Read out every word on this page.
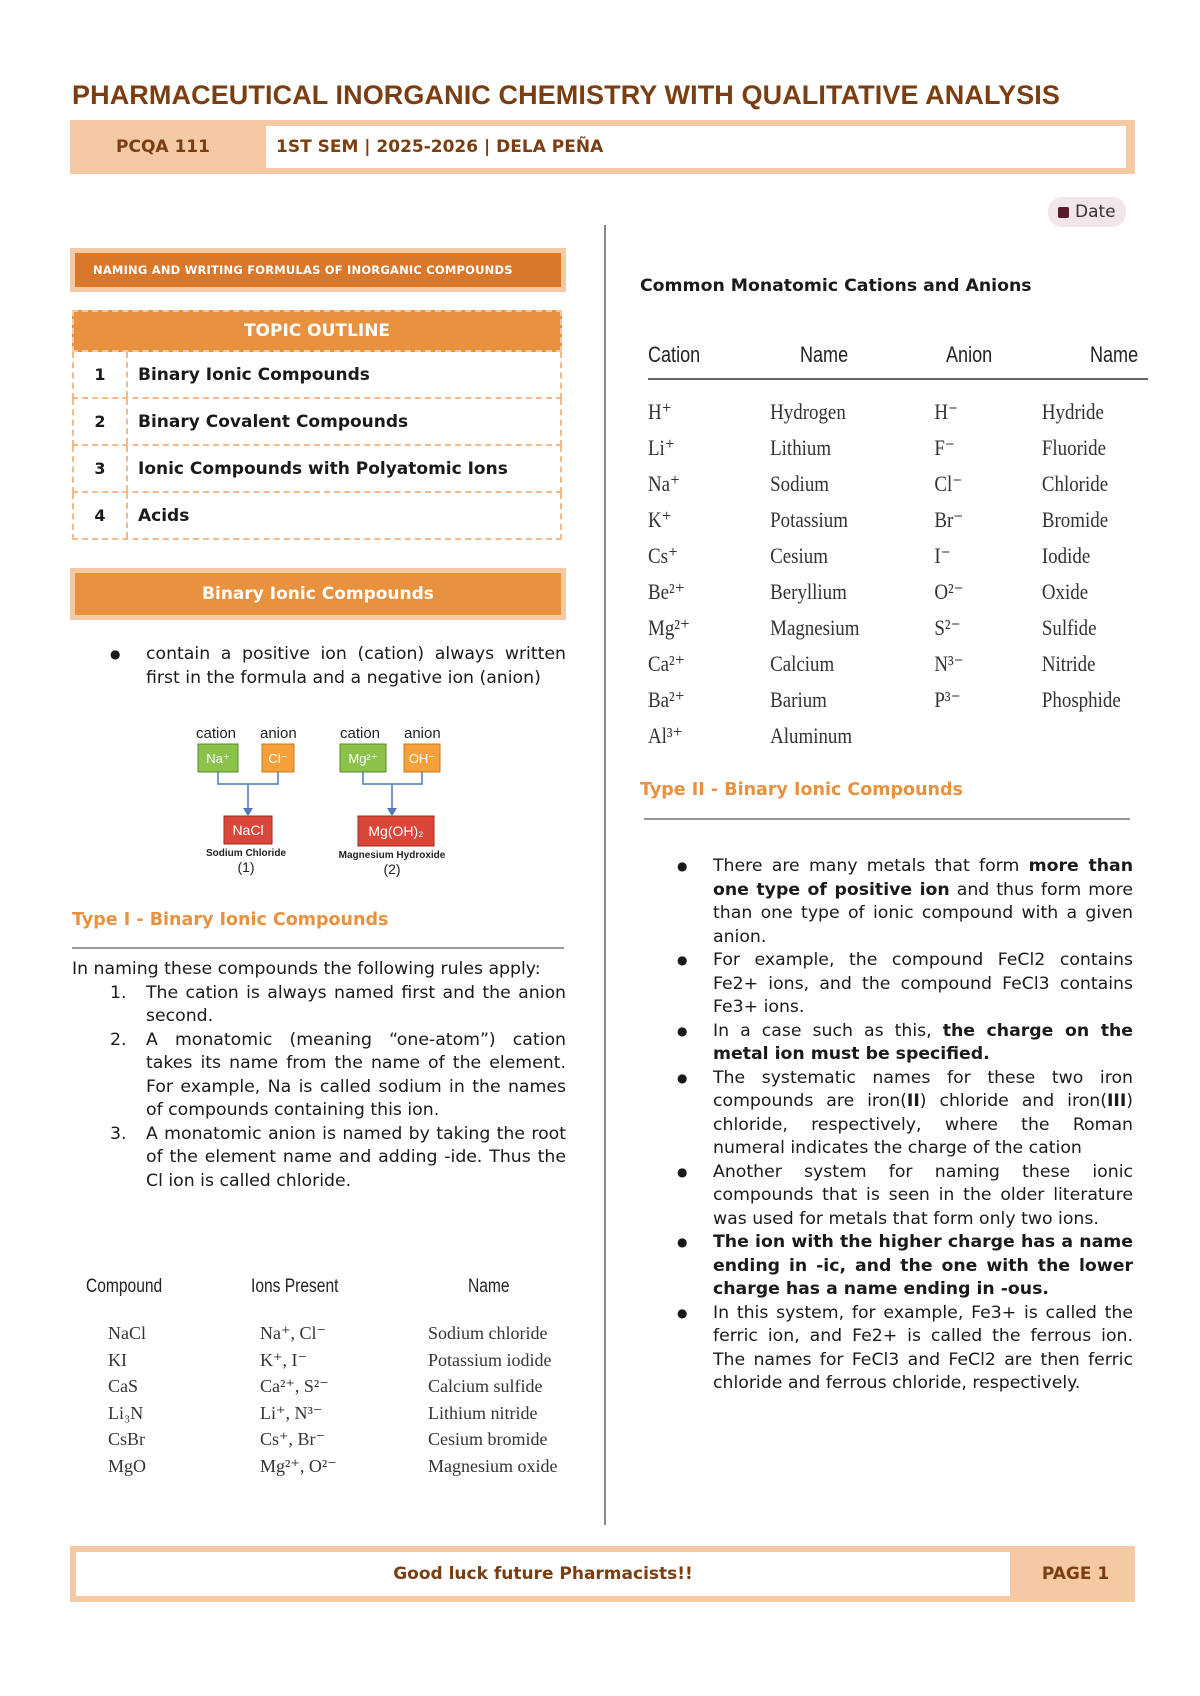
PHARMACEUTICAL INORGANIC CHEMISTRY WITH QUALITATIVE ANALYSIS
PCQA 111	1ST SEM | 2025-2026 | DELA PEÑA
Date
NAMING AND WRITING FORMULAS OF INORGANIC COMPOUNDS
TOPIC OUTLINE
1	Binary Ionic Compounds
2	Binary Covalent Compounds
3	Ionic Compounds with Polyatomic Ions
4	Acids
Binary Ionic Compounds
● contain a positive ion (cation) always written first in the formula and a negative ion (anion)
cation anion
Na⁺	Cl⁻
NaCl
Sodium Chloride
(1)
cation anion
Mg²⁺ OH⁻
Mg(OH)₂
Magnesium Hydroxide
(2)
Type I - Binary Ionic Compounds
In naming these compounds the following rules apply:
1. The cation is always named first and the anion second.
2. A monatomic (meaning “one-atom”) cation takes its name from the name of the element. For example, Na is called sodium in the names of compounds containing this ion.
3. A monatomic anion is named by taking the root of the element name and adding -ide. Thus the Cl ion is called chloride.
Compound	Ions Present	Name
NaCl	Na⁺, Cl⁻	Sodium chloride
KI	K⁺, I⁻	Potassium iodide
CaS	Ca²⁺, S²⁻	Calcium sulfide
Li₃N	Li⁺, N³⁻	Lithium nitride
CsBr	Cs⁺, Br⁻	Cesium bromide
MgO	Mg²⁺, O²⁻	Magnesium oxide
Common Monatomic Cations and Anions
Cation	Name	Anion	Name
H⁺	Hydrogen	H⁻	Hydride
Li⁺	Lithium	F⁻	Fluoride
Na⁺	Sodium	Cl⁻	Chloride
K⁺	Potassium	Br⁻	Bromide
Cs⁺	Cesium	I⁻	Iodide
Be²⁺	Beryllium	O²⁻	Oxide
Mg²⁺	Magnesium	S²⁻	Sulfide
Ca²⁺	Calcium	N³⁻	Nitride
Ba²⁺	Barium	P³⁻	Phosphide
Al³⁺	Aluminum
Type II - Binary Ionic Compounds
● There are many metals that form more than one type of positive ion and thus form more than one type of ionic compound with a given anion.
● For example, the compound FeCl2 contains Fe2+ ions, and the compound FeCl3 contains Fe3+ ions.
● In a case such as this, the charge on the metal ion must be specified.
● The systematic names for these two iron compounds are iron(II) chloride and iron(III) chloride, respectively, where the Roman numeral indicates the charge of the cation
● Another system for naming these ionic compounds that is seen in the older literature was used for metals that form only two ions.
● The ion with the higher charge has a name ending in -ic, and the one with the lower charge has a name ending in -ous.
● In this system, for example, Fe3+ is called the ferric ion, and Fe2+ is called the ferrous ion. The names for FeCl3 and FeCl2 are then ferric chloride and ferrous chloride, respectively.
Good luck future Pharmacists!!	PAGE 1
